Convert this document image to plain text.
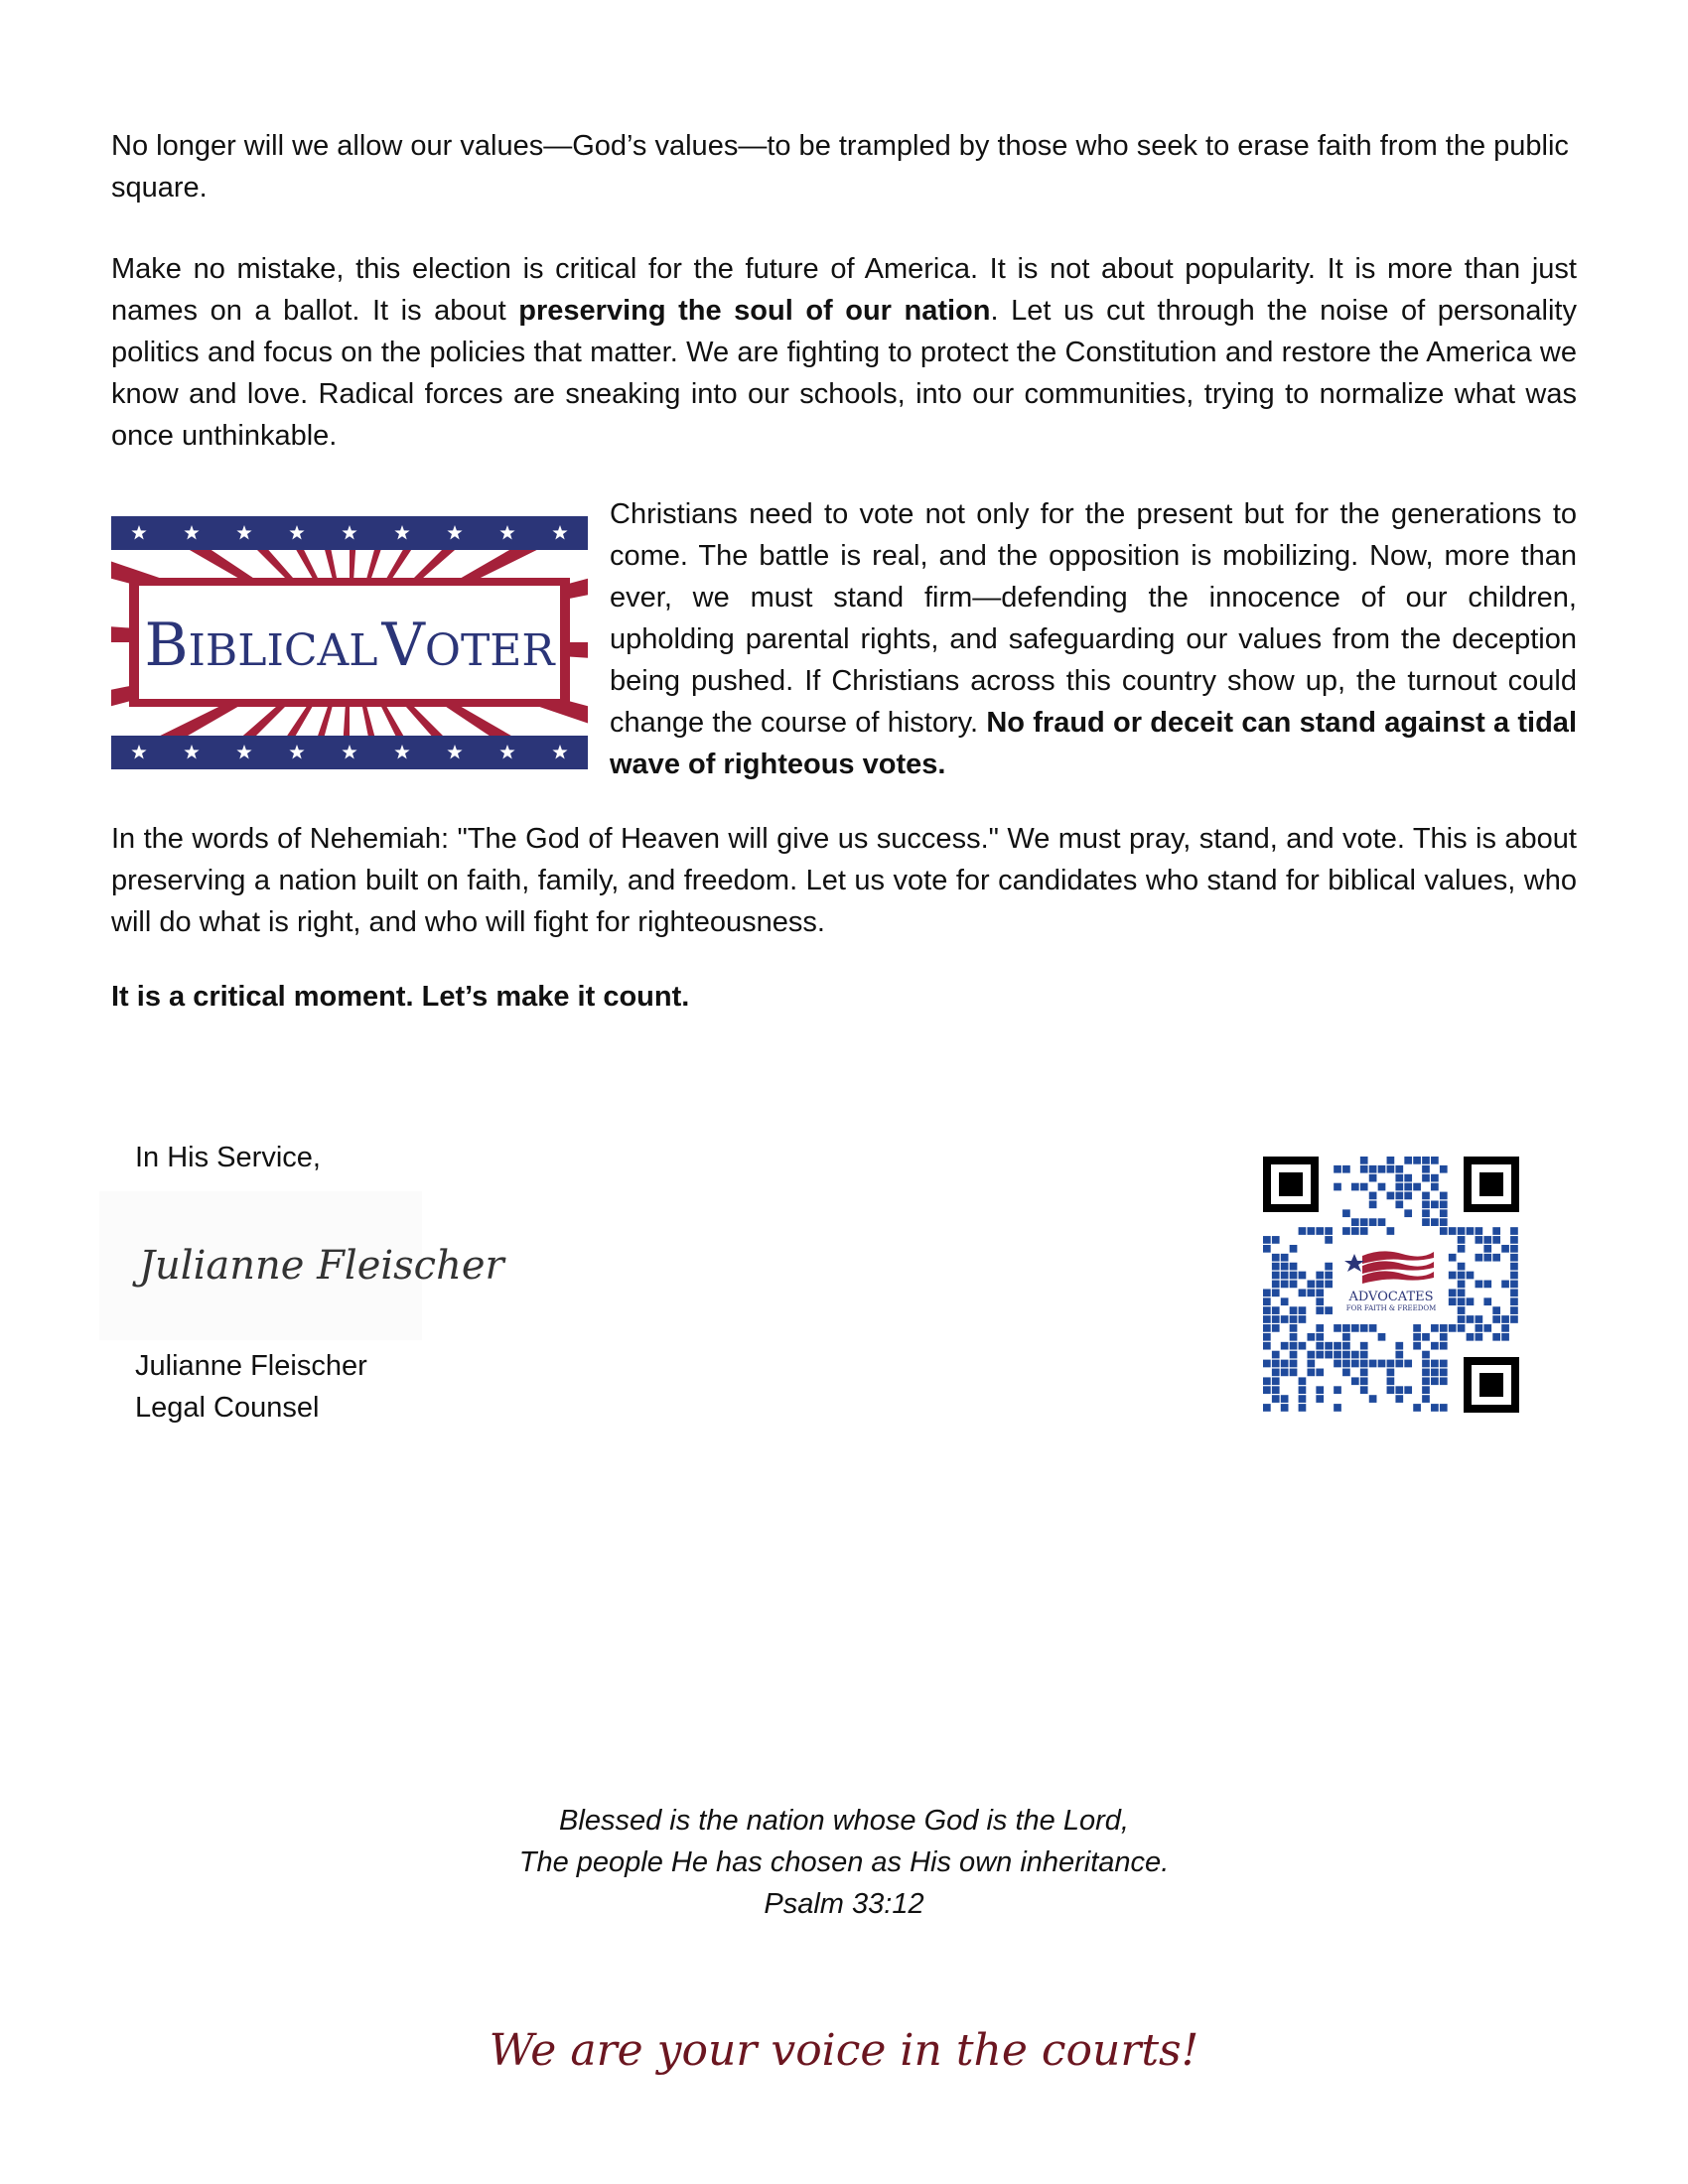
No longer will we allow our values—God’s values—to be trampled by those who seek to erase faith from the public square.

Make no mistake, this election is critical for the future of America. It is not about popularity. It is more than just names on a ballot. It is about preserving the soul of our nation. Let us cut through the noise of personality politics and focus on the policies that matter. We are fighting to protect the Constitution and restore the America we know and love. Radical forces are sneaking into our schools, into our communities, trying to normalize what was once unthinkable.

BIBLICALVOTER

Christians need to vote not only for the present but for the generations to come. The battle is real, and the opposition is mobilizing. Now, more than ever, we must stand firm—defending the innocence of our children, upholding parental rights, and safeguarding our values from the deception being pushed. If Christians across this country show up, the turnout could change the course of history. No fraud or deceit can stand against a tidal wave of righteous votes.

In the words of Nehemiah: "The God of Heaven will give us success." We must pray, stand, and vote. This is about preserving a nation built on faith, family, and freedom. Let us vote for candidates who stand for biblical values, who will do what is right, and who will fight for righteousness.

It is a critical moment. Let’s make it count.

In His Service,
Julianne Fleischer
Julianne Fleischer
Legal Counsel
ADVOCATES
FOR FAITH & FREEDOM
Blessed is the nation whose God is the Lord,
The people He has chosen as His own inheritance.
Psalm 33:12
We are your voice in the courts!
